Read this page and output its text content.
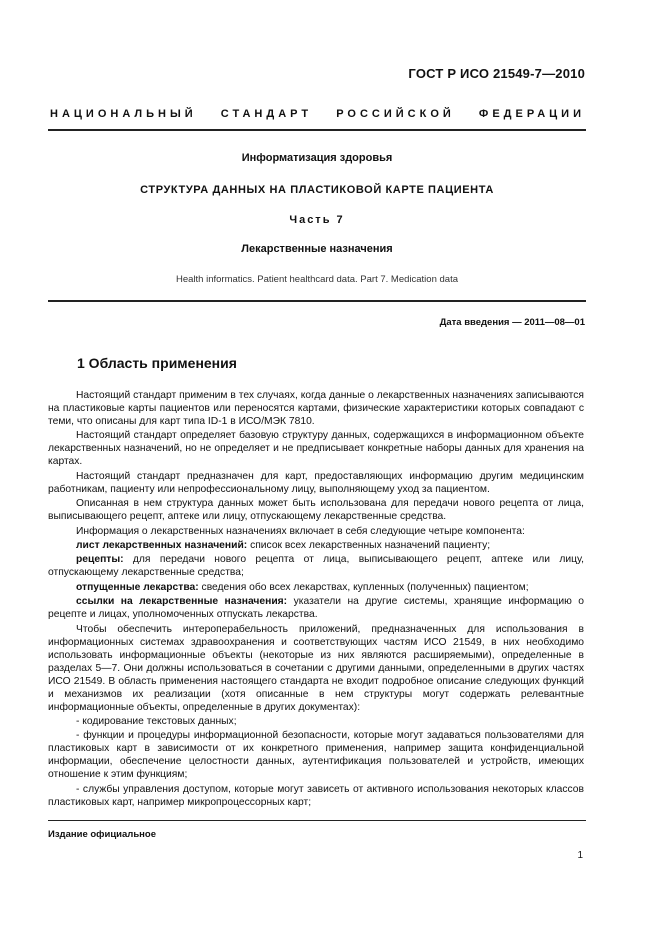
ГОСТ Р ИСО 21549-7—2010
НАЦИОНАЛЬНЫЙ СТАНДАРТ РОССИЙСКОЙ ФЕДЕРАЦИИ
Информатизация здоровья
СТРУКТУРА ДАННЫХ НА ПЛАСТИКОВОЙ КАРТЕ ПАЦИЕНТА
Часть 7
Лекарственные назначения
Health informatics. Patient healthcard data. Part 7. Medication data
Дата введения — 2011—08—01
1 Область применения

Настоящий стандарт применим в тех случаях, когда данные о лекарственных назначениях записываются на пластиковые карты пациентов или переносятся картами, физические характеристики которых совпадают с теми, что описаны для карт типа ID-1 в ИСО/МЭК 7810.

Настоящий стандарт определяет базовую структуру данных, содержащихся в информационном объекте лекарственных назначений, но не определяет и не предписывает конкретные наборы данных для хранения на картах.

Настоящий стандарт предназначен для карт, предоставляющих информацию другим медицинским работникам, пациенту или непрофессиональному лицу, выполняющему уход за пациентом.

Описанная в нем структура данных может быть использована для передачи нового рецепта от лица, выписывающего рецепт, аптеке или лицу, отпускающему лекарственные средства.

Информация о лекарственных назначениях включает в себя следующие четыре компонента:

лист лекарственных назначений: список всех лекарственных назначений пациенту;

рецепты: для передачи нового рецепта от лица, выписывающего рецепт, аптеке или лицу, отпускающему лекарственные средства;

отпущенные лекарства: сведения обо всех лекарствах, купленных (полученных) пациентом;

ссылки на лекарственные назначения: указатели на другие системы, хранящие информацию о рецепте и лицах, уполномоченных отпускать лекарства.

Чтобы обеспечить интероперабельность приложений, предназначенных для использования в информационных системах здравоохранения и соответствующих частям ИСО 21549, в них необходимо использовать информационные объекты (некоторые из них являются расширяемыми), определенные в разделах 5—7. Они должны использоваться в сочетании с другими данными, определенными в других частях ИСО 21549. В область применения настоящего стандарта не входит подробное описание следующих функций и механизмов их реализации (хотя описанные в нем структуры могут содержать релевантные информационные объекты, определенные в других документах):

- кодирование текстовых данных;

- функции и процедуры информационной безопасности, которые могут задаваться пользователями для пластиковых карт в зависимости от их конкретного применения, например защита конфиденциальной информации, обеспечение целостности данных, аутентификация пользователей и устройств, имеющих отношение к этим функциям;

- службы управления доступом, которые могут зависеть от активного использования некоторых классов пластиковых карт, например микропроцессорных карт;

Издание официальное
1
